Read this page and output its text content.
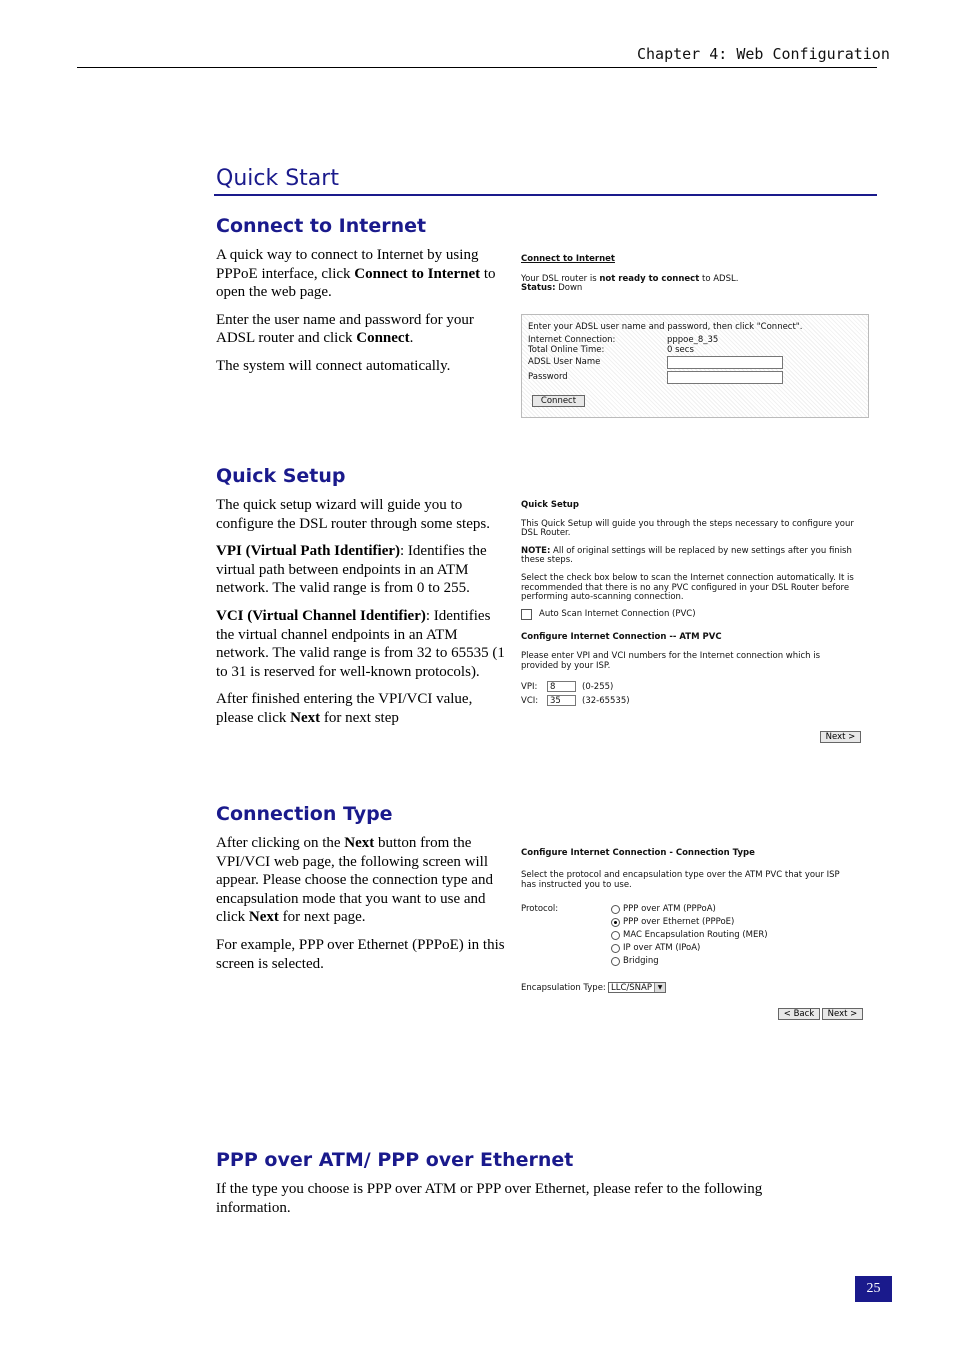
Chapter 4: Web Configuration
Quick Start
Connect to Internet

A quick way to connect to Internet by using PPPoE interface, click Connect to Internet to open the web page.

Enter the user name and password for your ADSL router and click Connect.

The system will connect automatically.

Connect to Internet
Your DSL router is not ready to connect to ADSL.
Status: Down
Enter your ADSL user name and password, then click "Connect".
Internet Connection:	pppoe_8_35
Total Online Time:	0 secs
ADSL User Name
Password
Connect
Quick Setup

The quick setup wizard will guide you to configure the DSL router through some steps.

VPI (Virtual Path Identifier): Identifies the virtual path between endpoints in an ATM network. The valid range is from 0 to 255.

VCI (Virtual Channel Identifier): Identifies the virtual channel endpoints in an ATM network. The valid range is from 32 to 65535 (1 to 31 is reserved for well-known protocols).

After finished entering the VPI/VCI value, please click Next for next step

Quick Setup
This Quick Setup will guide you through the steps necessary to configure your DSL Router.
NOTE: All of original settings will be replaced by new settings after you finish these steps.
Select the check box below to scan the Internet connection automatically. It is recommended that there is no any PVC configured in your DSL Router before performing auto-scanning connection.
Auto Scan Internet Connection (PVC)
Configure Internet Connection -- ATM PVC
Please enter VPI and VCI numbers for the Internet connection which is provided by your ISP.
VPI:	8	(0-255)
VCI:	35	(32-65535)
Next >
Connection Type

After clicking on the Next button from the VPI/VCI web page, the following screen will appear. Please choose the connection type and encapsulation mode that you want to use and click Next for next page.

For example, PPP over Ethernet (PPPoE) in this screen is selected.

Configure Internet Connection - Connection Type
Select the protocol and encapsulation type over the ATM PVC that your ISP has instructed you to use.
Protocol:	PPP over ATM (PPPoA)
PPP over Ethernet (PPPoE)
MAC Encapsulation Routing (MER)
IP over ATM (IPoA)
Bridging
Encapsulation Type: LLC/SNAP ▼
< Back	Next >
PPP over ATM/ PPP over Ethernet

If the type you choose is PPP over ATM or PPP over Ethernet, please refer to the following information.

25
